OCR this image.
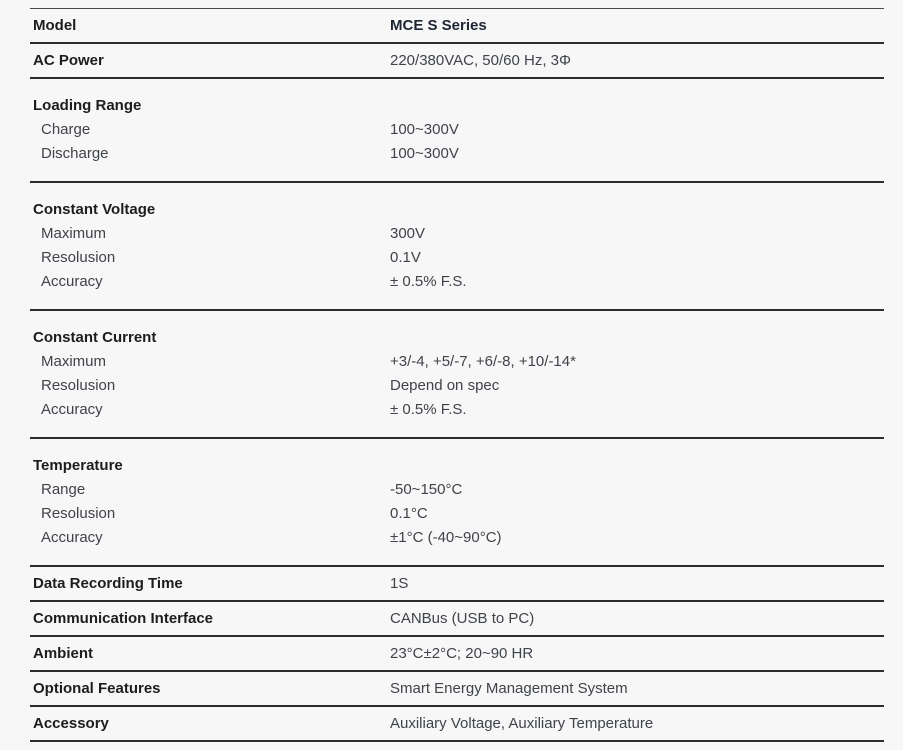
Model	MCE S Series
AC Power	220/380VAC, 50/60 Hz, 3Φ
Loading Range
Charge	100~300V
Discharge	100~300V
Constant Voltage
Maximum	300V
Resolusion	0.1V
Accuracy	± 0.5% F.S.
Constant Current
Maximum	+3/-4, +5/-7, +6/-8, +10/-14*
Resolusion	Depend on spec
Accuracy	± 0.5% F.S.
Temperature
Range	-50~150°C
Resolusion	0.1°C
Accuracy	±1°C (-40~90°C)
Data Recording Time	1S
Communication Interface	CANBus (USB to PC)
Ambient	23°C±2°C; 20~90 HR
Optional Features	Smart Energy Management System
Accessory	Auxiliary Voltage, Auxiliary Temperature
